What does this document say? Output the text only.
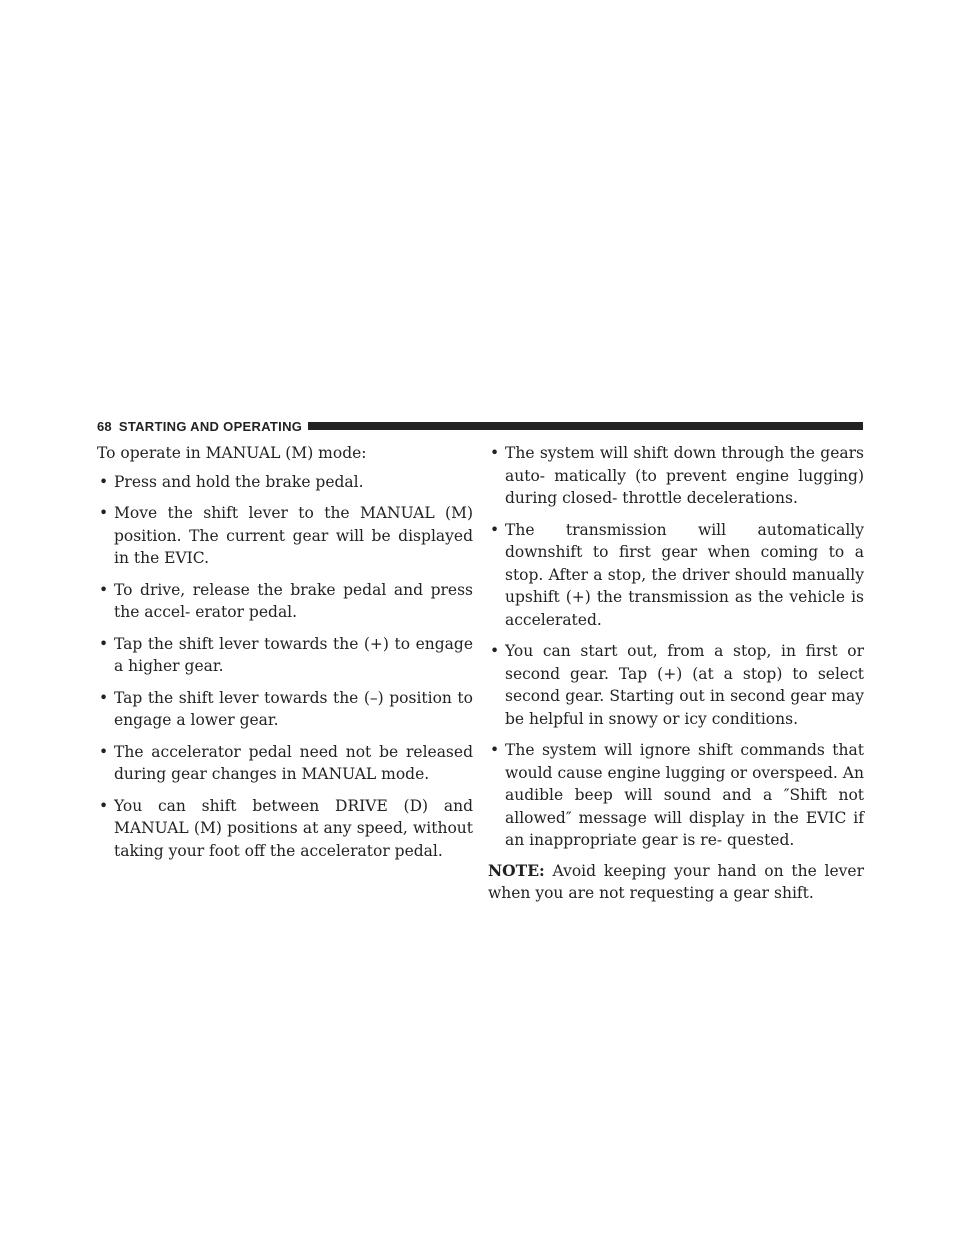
68 STARTING AND OPERATING

To operate in MANUAL (M) mode:

• Press and hold the brake pedal.
• Move the shift lever to the MANUAL (M) position. The current gear will be displayed in the EVIC.
• To drive, release the brake pedal and press the accel- erator pedal.
• Tap the shift lever towards the (+) to engage a higher gear.
• Tap the shift lever towards the (–) position to engage a lower gear.
• The accelerator pedal need not be released during gear changes in MANUAL mode.
• You can shift between DRIVE (D) and MANUAL (M) positions at any speed, without taking your foot off the accelerator pedal.
• The system will shift down through the gears auto- matically (to prevent engine lugging) during closed- throttle decelerations.
• The transmission will automatically downshift to first gear when coming to a stop. After a stop, the driver should manually upshift (+) the transmission as the vehicle is accelerated.
• You can start out, from a stop, in first or second gear. Tap (+) (at a stop) to select second gear. Starting out in second gear may be helpful in snowy or icy conditions.
• The system will ignore shift commands that would cause engine lugging or overspeed. An audible beep will sound and a ″Shift not allowed″ message will display in the EVIC if an inappropriate gear is re- quested.

NOTE: Avoid keeping your hand on the lever when you are not requesting a gear shift.
